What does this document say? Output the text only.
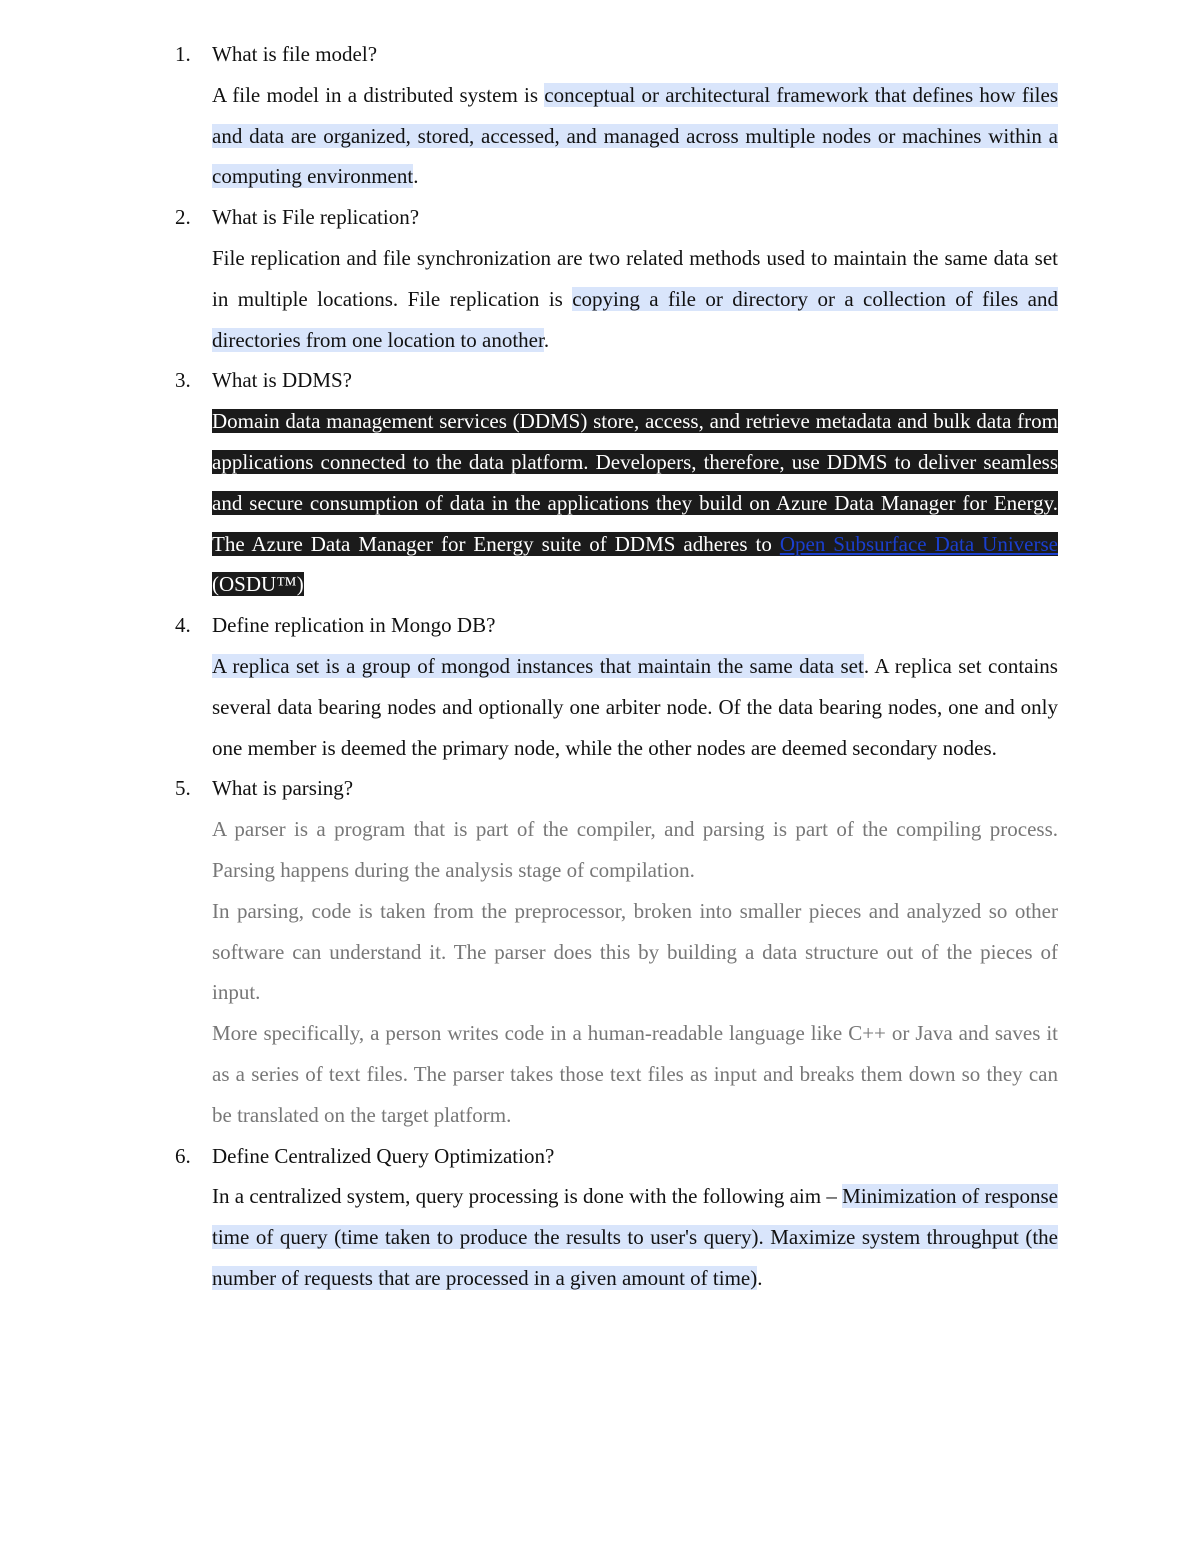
1.	What is file model?

A file model in a distributed system is conceptual or architectural framework that defines how files and data are organized, stored, accessed, and managed across multiple nodes or machines within a computing environment.

2.	What is File replication?

File replication and file synchronization are two related methods used to maintain the same data set in multiple locations. File replication is copying a file or directory or a collection of files and directories from one location to another.

3.	What is DDMS?

Domain data management services (DDMS) store, access, and retrieve metadata and bulk data from applications connected to the data platform. Developers, therefore, use DDMS to deliver seamless and secure consumption of data in the applications they build on Azure Data Manager for Energy. The Azure Data Manager for Energy suite of DDMS adheres to Open Subsurface Data Universe (OSDU™)

4.	Define replication in Mongo DB?

A replica set is a group of mongod instances that maintain the same data set. A replica set contains several data bearing nodes and optionally one arbiter node. Of the data bearing nodes, one and only one member is deemed the primary node, while the other nodes are deemed secondary nodes.

5.	What is parsing?

A parser is a program that is part of the compiler, and parsing is part of the compiling process. Parsing happens during the analysis stage of compilation.

In parsing, code is taken from the preprocessor, broken into smaller pieces and analyzed so other software can understand it. The parser does this by building a data structure out of the pieces of input.

More specifically, a person writes code in a human-readable language like C++ or Java and saves it as a series of text files. The parser takes those text files as input and breaks them down so they can be translated on the target platform.

6.	Define Centralized Query Optimization?

In a centralized system, query processing is done with the following aim – Minimization of response time of query (time taken to produce the results to user's query). Maximize system throughput (the number of requests that are processed in a given amount of time).
